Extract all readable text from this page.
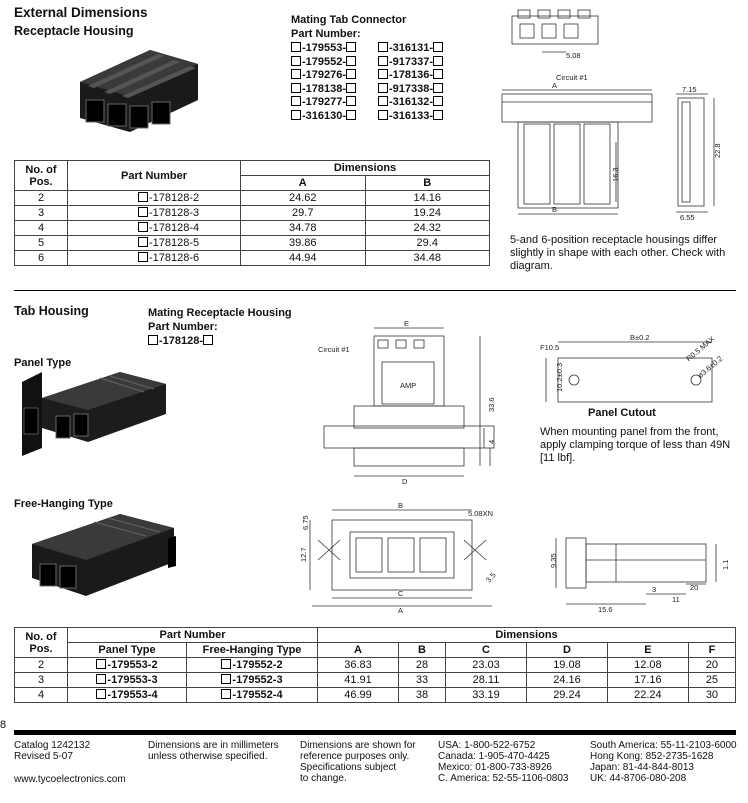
External Dimensions
Receptacle Housing
Mating Tab Connector
Part Number:
-179553-
-179552-
-179276-
-178138-
-179277-
-316130-
-316131-
-917337-
-178136-
-917338-
-316132-
-316133-
5.08
Circuit #1
A
B
7.15
6.55
22.8
16.3
No. of Pos.	Part Number	Dimensions	
		A	B
2	-178128-2	24.62	14.16
3	-178128-3	29.7	19.24
4	-178128-4	34.78	24.32
5	-178128-5	39.86	29.4
6	-178128-6	44.94	34.48
5-and 6-position receptacle housings differ slightly in shape with each other. Check with diagram.
Tab Housing	Mating Receptacle Housing
Part Number:
-178128-
Panel Type
Circuit #1
E
D
33.6
4
AMP
B±0.2
F10.5	R0.5 MAX
ø3.6±0.2
10.2±0.3
Panel Cutout
When mounting panel from the front, apply clamping torque of less than 49N [11 lbf].
Free-Hanging Type	B
5.08XN
C
A
6.75
12.7
3.5
9.35
15.6
3
11
20
1.1
No. of Pos.	Part Number		Dimensions					
	Panel Type	Free-Hanging Type	A	B	C	D	E	F
2	-179553-2	-179552-2	36.83	28	23.03	19.08	12.08	20
3	-179553-3	-179552-3	41.91	33	28.11	24.16	17.16	25
4	-179553-4	-179552-4	46.99	38	33.19	29.24	22.24	30
8
Catalog 1242132
Revised 5-07
www.tycoelectronics.com
Dimensions are in millimeters
unless otherwise specified.
Dimensions are shown for
reference purposes only.
Specifications subject
to change.
USA: 1-800-522-6752
Canada: 1-905-470-4425
Mexico: 01-800-733-8926
C. America: 52-55-1106-0803
South America: 55-11-2103-6000
Hong Kong: 852-2735-1628
Japan: 81-44-844-8013
UK: 44-8706-080-208
